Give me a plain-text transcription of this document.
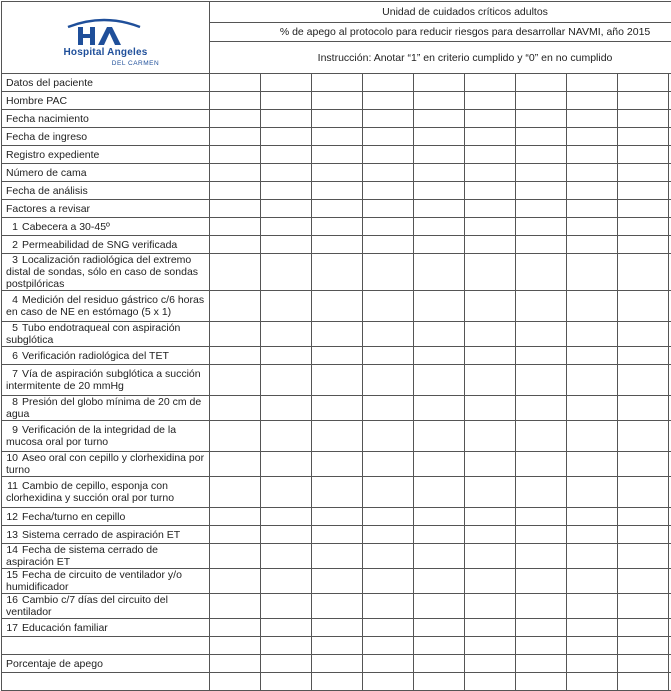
Hospital Angeles
DEL CARMEN	Unidad de cuidados críticos adultos									
	% de apego al protocolo para reducir riesgos para desarrollar NAVMI, año 2015									
	Instrucción: Anotar “1” en criterio cumplido y “0” en no cumplido									
Datos del paciente										
Hombre PAC										
Fecha nacimiento										
Fecha de ingreso										
Registro expediente										
Número de cama										
Fecha de análisis										
Factores a revisar										
1 Cabecera a 30-45º										
2 Permeabilidad de SNG verificada										
3 Localización radiológica del extremo distal de sondas, sólo en caso de sondas postpilóricas										
4 Medición del residuo gástrico c/6 horas en caso de NE en estómago (5 x 1)										
5 Tubo endotraqueal con aspiración subglótica										
6 Verificación radiológica del TET										
7 Vía de aspiración subglótica a succión intermitente de 20 mmHg										
8 Presión del globo mínima de 20 cm de agua										
9 Verificación de la integridad de la mucosa oral por turno										
10 Aseo oral con cepillo y clorhexidina por turno										
11 Cambio de cepillo, esponja con clorhexidina y succión oral por turno										
12 Fecha/turno en cepillo										
13 Sistema cerrado de aspiración ET										
14 Fecha de sistema cerrado de aspiración ET										
15 Fecha de circuito de ventilador y/o humidificador										
16 Cambio c/7 días del circuito del ventilador										
17 Educación familiar										

Porcentaje de apego										
